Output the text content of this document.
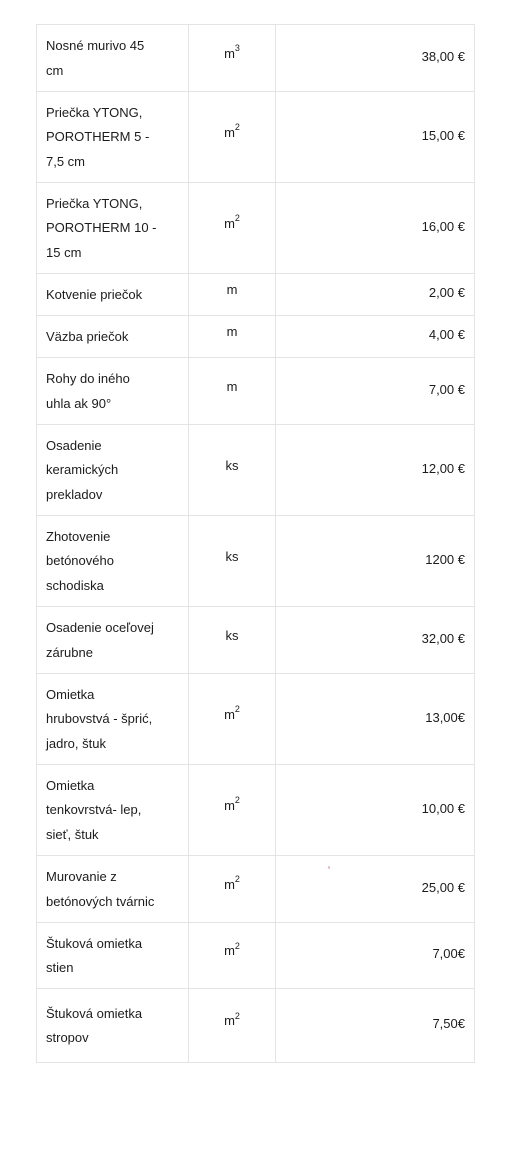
Nosné murivo 45
cm	$m^3$	38,00 €

Priečka YTONG,
POROTHERM 5 -
7,5 cm	$m^2$	15,00 €

Priečka YTONG,
POROTHERM 10 -
15 cm	$m^2$	16,00 €

Kotvenie priečok	m	2,00 €

Väzba priečok	m	4,00 €

Rohy do iného
uhla ak 90°	m	7,00 €

Osadenie
keramických
prekladov	ks	12,00 €

Zhotovenie
betónového
schodiska	ks	1200 €

Osadenie oceľovej
zárubne	ks	32,00 €

Omietka
hrubovstvá - šprić,
jadro, štuk	$m^2$	13,00€

Omietka
tenkovrstvá- lep,
sieť, štuk	$m^2$	10,00 €

Murovanie z
betónových tvárnic	$m^2$	25,00 €

Štuková omietka
stien	$m^2$	7,00€

Štuková omietka
stropov	$m^2$	7,50€
